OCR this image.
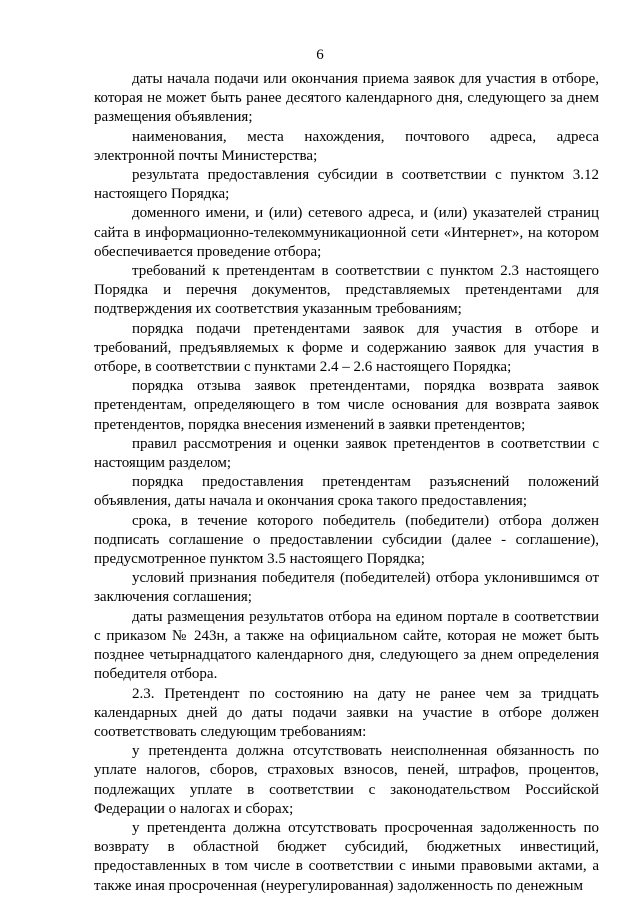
6

даты начала подачи или окончания приема заявок для участия в отборе, которая не может быть ранее десятого календарного дня, следующего за днем размещения объявления;

наименования, места нахождения, почтового адреса, адреса электронной почты Министерства;

результата предоставления субсидии в соответствии с пунктом 3.12 настоящего Порядка;

доменного имени, и (или) сетевого адреса, и (или) указателей страниц сайта в информационно-телекоммуникационной сети «Интернет», на котором обеспечивается проведение отбора;

требований к претендентам в соответствии с пунктом 2.3 настоящего Порядка и перечня документов, представляемых претендентами для подтверждения их соответствия указанным требованиям;

порядка подачи претендентами заявок для участия в отборе и требований, предъявляемых к форме и содержанию заявок для участия в отборе, в соответствии с пунктами 2.4 – 2.6 настоящего Порядка;

порядка отзыва заявок претендентами, порядка возврата заявок претендентам, определяющего в том числе основания для возврата заявок претендентов, порядка внесения изменений в заявки претендентов;

правил рассмотрения и оценки заявок претендентов в соответствии с настоящим разделом;

порядка предоставления претендентам разъяснений положений объявления, даты начала и окончания срока такого предоставления;

срока, в течение которого победитель (победители) отбора должен подписать соглашение о предоставлении субсидии (далее - соглашение), предусмотренное пунктом 3.5 настоящего Порядка;

условий признания победителя (победителей) отбора уклонившимся от заключения соглашения;

даты размещения результатов отбора на едином портале в соответствии с приказом № 243н, а также на официальном сайте, которая не может быть позднее четырнадцатого календарного дня, следующего за днем определения победителя отбора.

2.3. Претендент по состоянию на дату не ранее чем за тридцать календарных дней до даты подачи заявки на участие в отборе должен соответствовать следующим требованиям:

у претендента должна отсутствовать неисполненная обязанность по уплате налогов, сборов, страховых взносов, пеней, штрафов, процентов, подлежащих уплате в соответствии с законодательством Российской Федерации о налогах и сборах;

у претендента должна отсутствовать просроченная задолженность по возврату в областной бюджет субсидий, бюджетных инвестиций, предоставленных в том числе в соответствии с иными правовыми актами, а также иная просроченная (неурегулированная) задолженность по денежным
